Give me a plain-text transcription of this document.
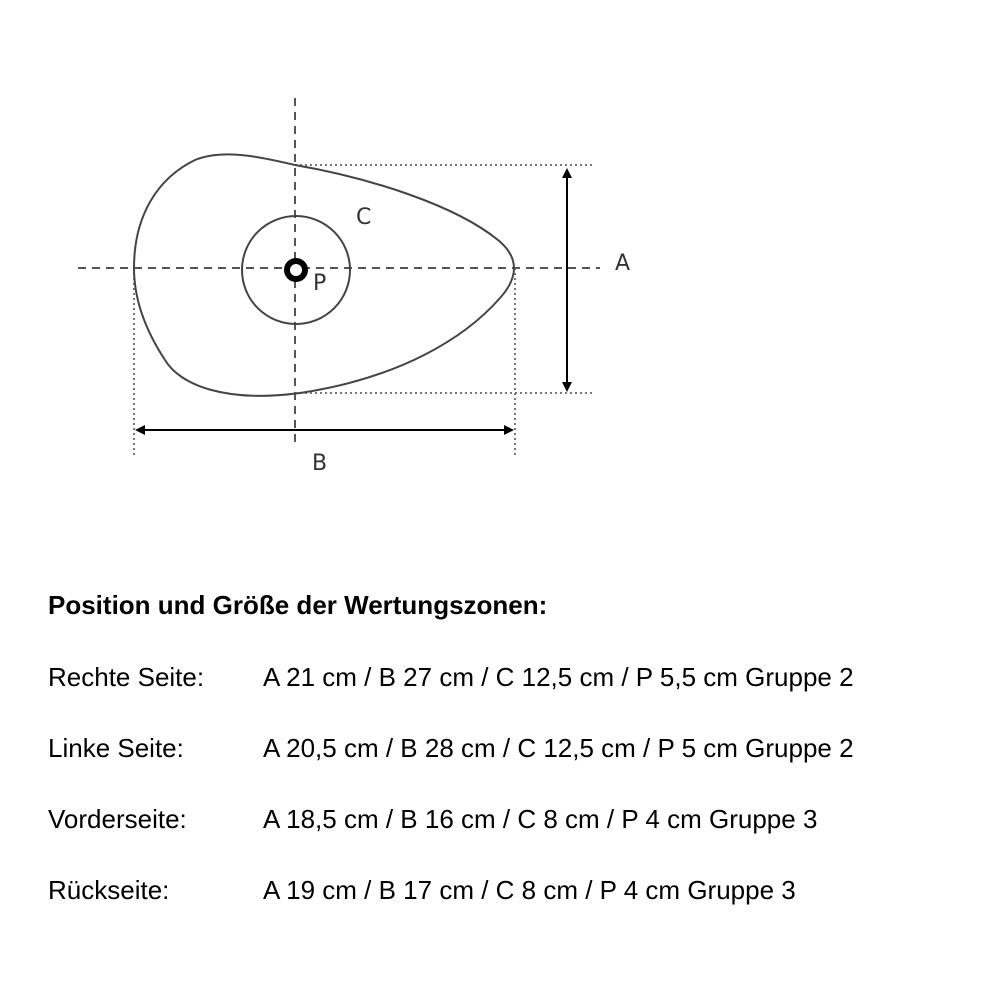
C
P
A
B
Position und Größe der Wertungszonen:
Rechte Seite: A 21 cm / B 27 cm / C 12,5 cm / P 5,5 cm Gruppe 2
Linke Seite:	A 20,5 cm / B 28 cm / C 12,5 cm / P 5 cm Gruppe 2
Vorderseite:	A 18,5 cm / B 16 cm / C 8 cm / P 4 cm Gruppe 3
Rückseite:	A 19 cm / B 17 cm / C 8 cm / P 4 cm Gruppe 3
